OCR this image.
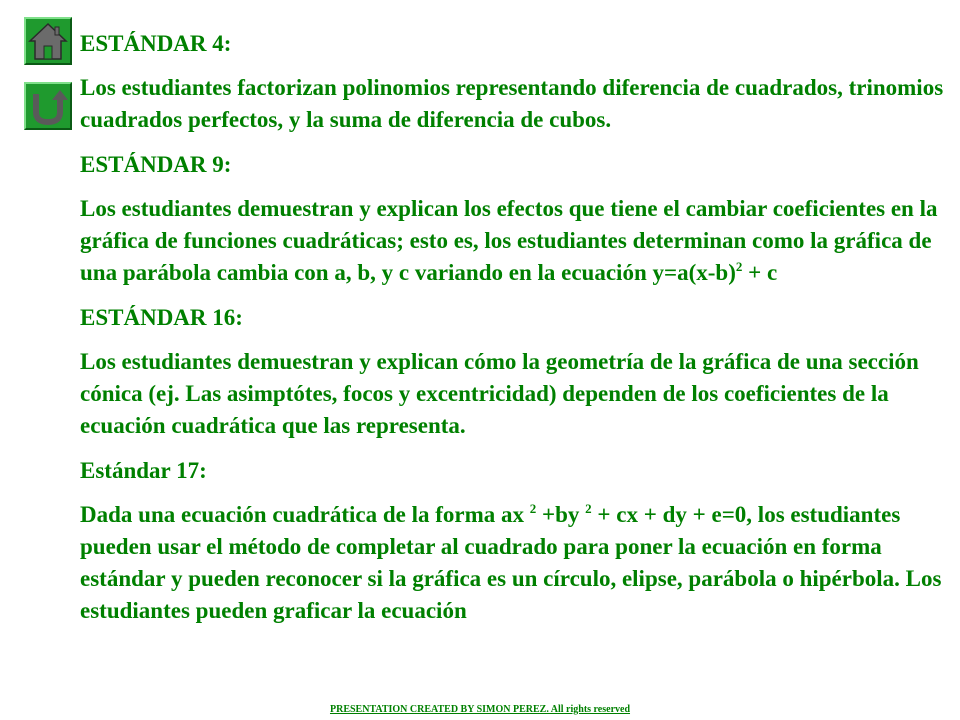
ESTÁNDAR 4:

Los estudiantes factorizan polinomios representando diferencia de cuadrados, trinomios cuadrados perfectos, y la suma de diferencia de cubos.

ESTÁNDAR 9:

Los estudiantes demuestran y explican los efectos que tiene el cambiar coeficientes en la gráfica de funciones cuadráticas; esto es, los estudiantes determinan como la gráfica de una parábola cambia con a, b, y c variando en la ecuación $y=a(x-b)^2 + c$

ESTÁNDAR 16:

Los estudiantes demuestran y explican cómo la geometría de la gráfica de una sección cónica (ej. Las asimptótes, focos y excentricidad) dependen de los coeficientes de la ecuación cuadrática que las representa.

Estándar 17:

Dada una ecuación cuadrática de la forma ax $^2$ +by $^2$ + cx + dy + e=0, los estudiantes pueden usar el método de completar al cuadrado para poner la ecuación en forma estándar y pueden reconocer si la gráfica es un círculo, elipse, parábola o hipérbola. Los estudiantes pueden graficar la ecuación

PRESENTATION CREATED BY SIMON PEREZ. All rights reserved
